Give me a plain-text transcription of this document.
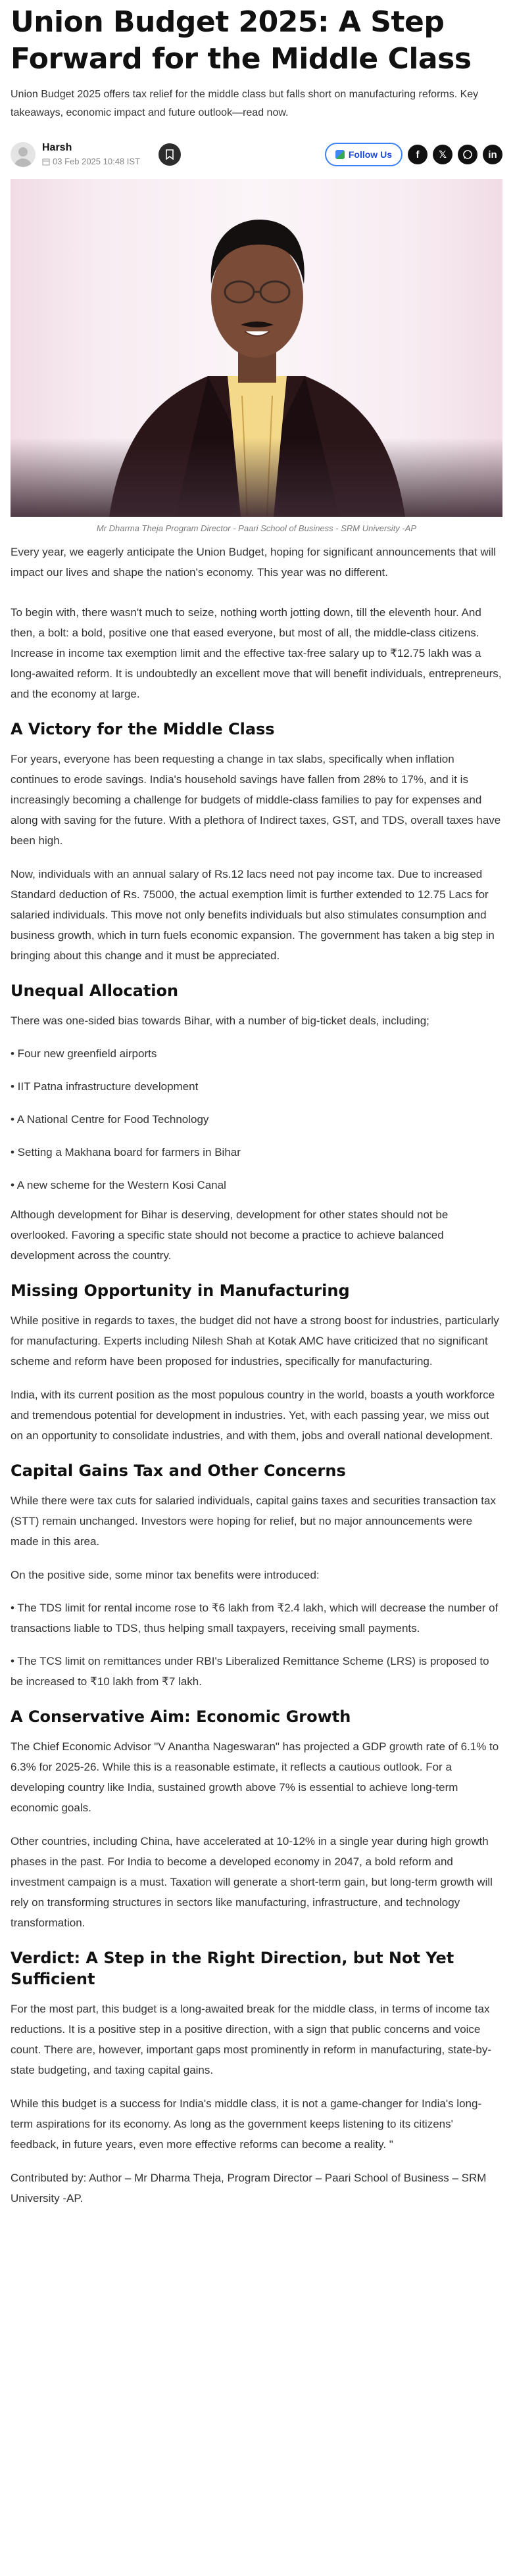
Union Budget 2025: A Step Forward for the Middle Class

Union Budget 2025 offers tax relief for the middle class but falls short on manufacturing reforms. Key takeaways, economic impact and future outlook—read now.

Harsh
03 Feb 2025 10:48 IST
Follow Us	f	𝕏	in

Mr Dharma Theja Program Director - Paari School of Business - SRM University -AP

Every year, we eagerly anticipate the Union Budget, hoping for significant announcements that will impact our lives and shape the nation's economy. This year was no different.

To begin with, there wasn't much to seize, nothing worth jotting down, till the eleventh hour. And then, a bolt: a bold, positive one that eased everyone, but most of all, the middle-class citizens. Increase in income tax exemption limit and the effective tax-free salary up to ₹12.75 lakh was a long-awaited reform. It is undoubtedly an excellent move that will benefit individuals, entrepreneurs, and the economy at large.

A Victory for the Middle Class

For years, everyone has been requesting a change in tax slabs, specifically when inflation continues to erode savings. India's household savings have fallen from 28% to 17%, and it is increasingly becoming a challenge for budgets of middle-class families to pay for expenses and along with saving for the future. With a plethora of Indirect taxes, GST, and TDS, overall taxes have been high.

Now, individuals with an annual salary of Rs.12 lacs need not pay income tax. Due to increased Standard deduction of Rs. 75000, the actual exemption limit is further extended to 12.75 Lacs for salaried individuals. This move not only benefits individuals but also stimulates consumption and business growth, which in turn fuels economic expansion. The government has taken a big step in bringing about this change and it must be appreciated.

Unequal Allocation

There was one-sided bias towards Bihar, with a number of big-ticket deals, including;

• Four new greenfield airports

• IIT Patna infrastructure development

• A National Centre for Food Technology

• Setting a Makhana board for farmers in Bihar

• A new scheme for the Western Kosi Canal

Although development for Bihar is deserving, development for other states should not be overlooked. Favoring a specific state should not become a practice to achieve balanced development across the country.

Missing Opportunity in Manufacturing

While positive in regards to taxes, the budget did not have a strong boost for industries, particularly for manufacturing. Experts including Nilesh Shah at Kotak AMC have criticized that no significant scheme and reform have been proposed for industries, specifically for manufacturing.

India, with its current position as the most populous country in the world, boasts a youth workforce and tremendous potential for development in industries. Yet, with each passing year, we miss out on an opportunity to consolidate industries, and with them, jobs and overall national development.

Capital Gains Tax and Other Concerns

While there were tax cuts for salaried individuals, capital gains taxes and securities transaction tax (STT) remain unchanged. Investors were hoping for relief, but no major announcements were made in this area.

On the positive side, some minor tax benefits were introduced:

• The TDS limit for rental income rose to ₹6 lakh from ₹2.4 lakh, which will decrease the number of transactions liable to TDS, thus helping small taxpayers, receiving small payments.

• The TCS limit on remittances under RBI's Liberalized Remittance Scheme (LRS) is proposed to be increased to ₹10 lakh from ₹7 lakh.

A Conservative Aim: Economic Growth

The Chief Economic Advisor "V Anantha Nageswaran" has projected a GDP growth rate of 6.1% to 6.3% for 2025-26. While this is a reasonable estimate, it reflects a cautious outlook. For a developing country like India, sustained growth above 7% is essential to achieve long-term economic goals.

Other countries, including China, have accelerated at 10-12% in a single year during high growth phases in the past. For India to become a developed economy in 2047, a bold reform and investment campaign is a must. Taxation will generate a short-term gain, but long-term growth will rely on transforming structures in sectors like manufacturing, infrastructure, and technology transformation.

Verdict: A Step in the Right Direction, but Not Yet Sufficient

For the most part, this budget is a long-awaited break for the middle class, in terms of income tax reductions. It is a positive step in a positive direction, with a sign that public concerns and voice count. There are, however, important gaps most prominently in reform in manufacturing, state-by-state budgeting, and taxing capital gains.

While this budget is a success for India's middle class, it is not a game-changer for India's long-term aspirations for its economy. As long as the government keeps listening to its citizens' feedback, in future years, even more effective reforms can become a reality. "

Contributed by: Author – Mr Dharma Theja, Program Director – Paari School of Business – SRM University -AP.
